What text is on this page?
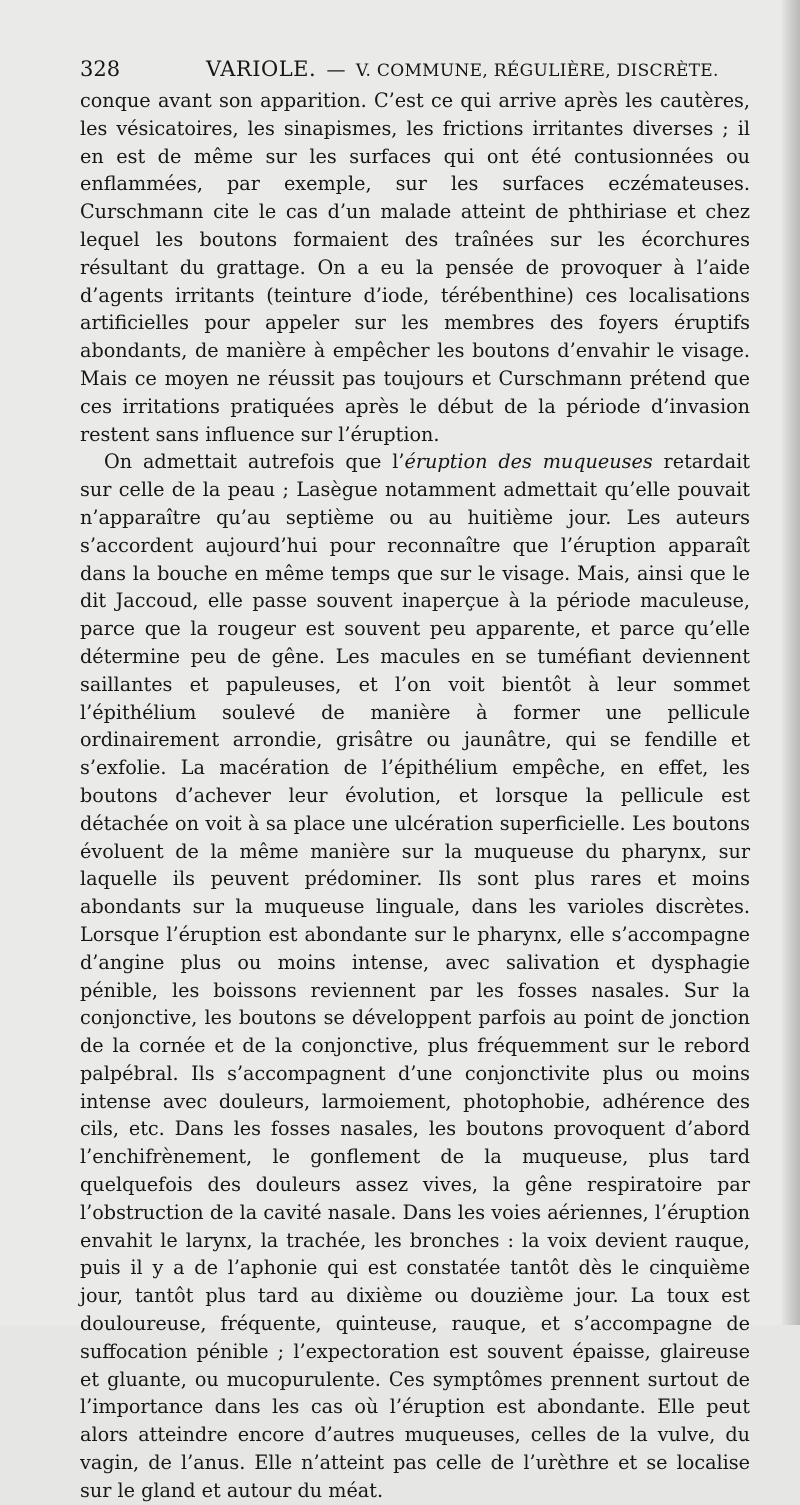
328	VARIOLE. — V. COMMUNE, RÉGULIÈRE, DISCRÈTE.

conque avant son apparition. C’est ce qui arrive après les cautères, les vésicatoires, les sinapismes, les frictions irritantes diverses ; il en est de même sur les surfaces qui ont été contusionnées ou enflammées, par exemple, sur les surfaces eczémateuses. Curschmann cite le cas d’un malade atteint de phthiriase et chez lequel les boutons formaient des traînées sur les écorchures résultant du grattage. On a eu la pensée de provoquer à l’aide d’agents irritants (teinture d’iode, térébenthine) ces localisations artificielles pour appeler sur les membres des foyers éruptifs abondants, de manière à empêcher les boutons d’envahir le visage. Mais ce moyen ne réussit pas toujours et Curschmann prétend que ces irritations pratiquées après le début de la période d’invasion restent sans influence sur l’éruption.

On admettait autrefois que l’éruption des muqueuses retardait sur celle de la peau ; Lasègue notamment admettait qu’elle pouvait n’apparaître qu’au septième ou au huitième jour. Les auteurs s’accordent aujourd’hui pour reconnaître que l’éruption apparaît dans la bouche en même temps que sur le visage. Mais, ainsi que le dit Jaccoud, elle passe souvent inaperçue à la période maculeuse, parce que la rougeur est souvent peu apparente, et parce qu’elle détermine peu de gêne. Les macules en se tuméfiant deviennent saillantes et papuleuses, et l’on voit bientôt à leur sommet l’épithélium soulevé de manière à former une pellicule ordinairement arrondie, grisâtre ou jaunâtre, qui se fendille et s’exfolie. La macération de l’épithélium empêche, en effet, les boutons d’achever leur évolution, et lorsque la pellicule est détachée on voit à sa place une ulcération superficielle. Les boutons évoluent de la même manière sur la muqueuse du pharynx, sur laquelle ils peuvent prédominer. Ils sont plus rares et moins abondants sur la muqueuse linguale, dans les varioles discrètes. Lorsque l’éruption est abondante sur le pharynx, elle s’accompagne d’angine plus ou moins intense, avec salivation et dysphagie pénible, les boissons reviennent par les fosses nasales. Sur la conjonctive, les boutons se développent parfois au point de jonction de la cornée et de la conjonctive, plus fréquemment sur le rebord palpébral. Ils s’accompagnent d’une conjonctivite plus ou moins intense avec douleurs, larmoiement, photophobie, adhérence des cils, etc. Dans les fosses nasales, les boutons provoquent d’abord l’enchifrènement, le gonflement de la muqueuse, plus tard quelquefois des douleurs assez vives, la gêne respiratoire par l’obstruction de la cavité nasale. Dans les voies aériennes, l’éruption envahit le larynx, la trachée, les bronches : la voix devient rauque, puis il y a de l’aphonie qui est constatée tantôt dès le cinquième jour, tantôt plus tard au dixième ou douzième jour. La toux est douloureuse, fréquente, quinteuse, rauque, et s’accompagne de suffocation pénible ; l’expectoration est souvent épaisse, glaireuse et gluante, ou mucopurulente. Ces symptômes prennent surtout de l’importance dans les cas où l’éruption est abondante. Elle peut alors atteindre encore d’autres muqueuses, celles de la vulve, du vagin, de l’anus. Elle n’atteint pas celle de l’urèthre et se localise sur le gland et autour du méat.
